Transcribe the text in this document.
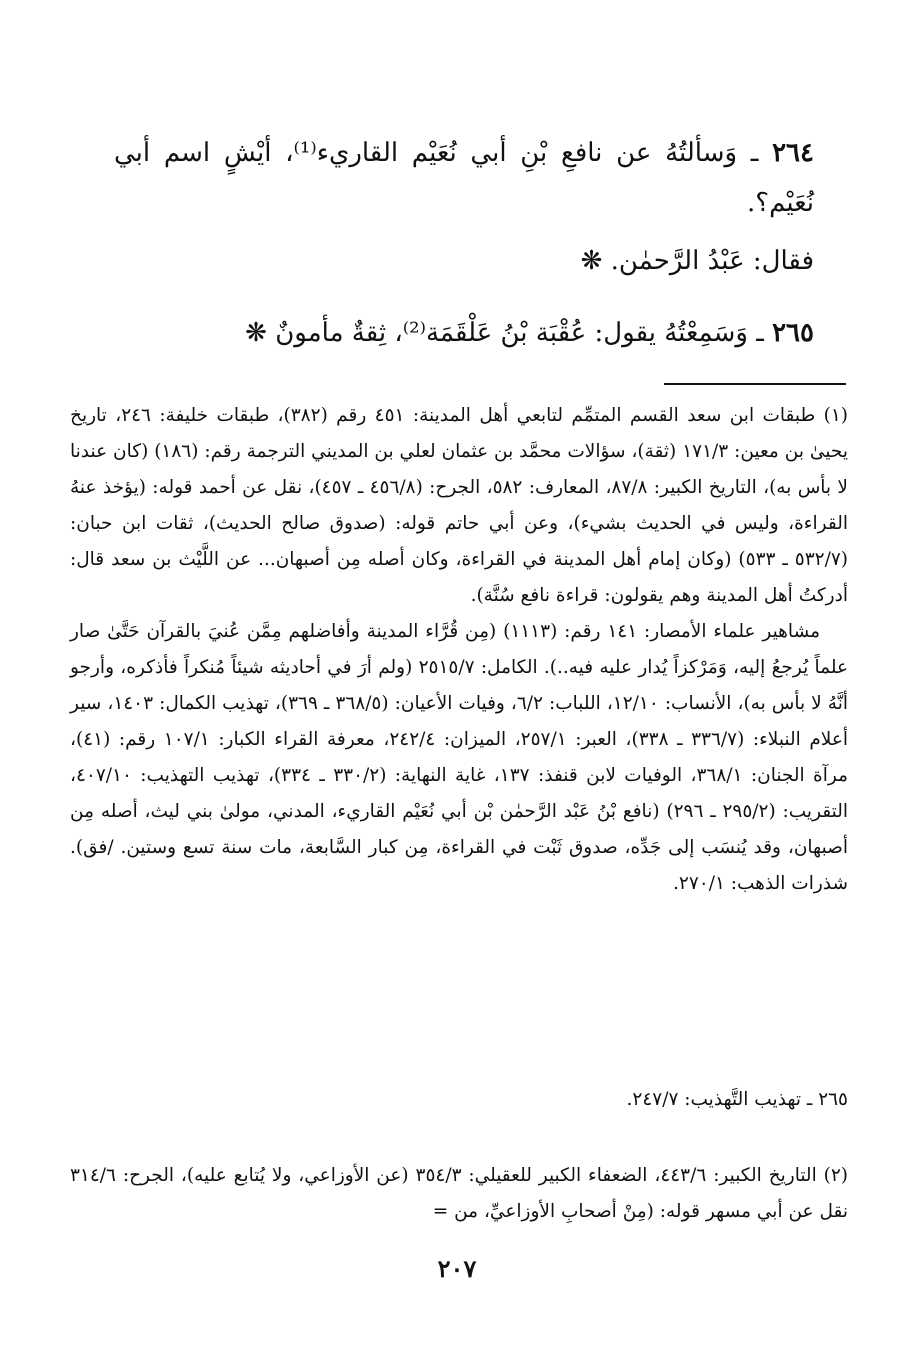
٢٦٤ ـ وَسألتُهُ عن نافعِ بْنِ أبي نُعَيْم القاريء⁽¹⁾، أيْشٍ اسم أبي نُعَيْم؟.
فقال: عَبْدُ الرَّحمٰن. ❋
٢٦٥ ـ وَسَمِعْتُهُ يقول: عُقْبَة بْنُ عَلْقَمَة⁽²⁾، ثِقةٌ مأمونٌ ❋

(١) طبقات ابن سعد القسم المتمِّم لتابعي أهل المدينة: ٤٥١ رقم (٣٨٢)، طبقات خليفة: ٢٤٦، تاريخ يحيىٰ بن معين: ١٧١/٣ (ثقة)، سؤالات محمَّد بن عثمان لعلي بن المديني الترجمة رقم: (١٨٦) (كان عندنا لا بأس به)، التاريخ الكبير: ٨٧/٨، المعارف: ٥٨٢، الجرح: (٤٥٦/٨ ـ ٤٥٧)، نقل عن أحمد قوله: (يؤخذ عنهُ القراءة، وليس في الحديث بشيء)، وعن أبي حاتم قوله: (صدوق صالح الحديث)، ثقات ابن حبان: (٥٣٢/٧ ـ ٥٣٣) (وكان إمام أهل المدينة في القراءة، وكان أصله مِن أصبهان... عن اللَّيْث بن سعد قال: أدركتُ أهل المدينة وهم يقولون: قراءة نافع سُنَّة).

مشاهير علماء الأمصار: ١٤١ رقم: (١١١٣) (مِن قُرَّاء المدينة وأفاضلهم مِمَّن عُنيَ بالقرآن حَتَّىٰ صار علماً يُرجعُ إليه، وَمَرْكزاً يُدار عليه فيه..). الكامل: ٢٥١٥/٧ (ولم أرَ في أحاديثه شيئاً مُنكراً فأذكره، وأرجو أنَّهُ لا بأس به)، الأنساب: ١٢/١٠، اللباب: ٦/٢، وفيات الأعيان: (٣٦٨/٥ ـ ٣٦٩)، تهذيب الكمال: ١٤٠٣، سير أعلام النبلاء: (٣٣٦/٧ ـ ٣٣٨)، العبر: ٢٥٧/١، الميزان: ٢٤٢/٤، معرفة القراء الكبار: ١٠٧/١ رقم: (٤١)، مرآة الجنان: ٣٦٨/١، الوفيات لابن قنفذ: ١٣٧، غاية النهاية: (٣٣٠/٢ ـ ٣٣٤)، تهذيب التهذيب: ٤٠٧/١٠، التقريب: (٢٩٥/٢ ـ ٢٩٦) (نافع بْنُ عَبْد الرَّحمٰن بْن أبي نُعَيْم القاريء، المدني، مولىٰ بني ليث، أصله مِن أصبهان، وقد يُنسَب إلى جَدِّه، صدوق ثَبْت في القراءة، مِن كبار السَّابعة، مات سنة تسع وستين. /فق). شذرات الذهب: ٢٧٠/١.

٢٦٥ ـ تهذيب التَّهذيب: ٢٤٧/٧.

(٢) التاريخ الكبير: ٤٤٣/٦، الضعفاء الكبير للعقيلي: ٣٥٤/٣ (عن الأوزاعي، ولا يُتابع عليه)، الجرح: ٣١٤/٦ نقل عن أبي مسهر قوله: (مِنْ أصحابِ الأوزاعيِّ، من =

٢٠٧
